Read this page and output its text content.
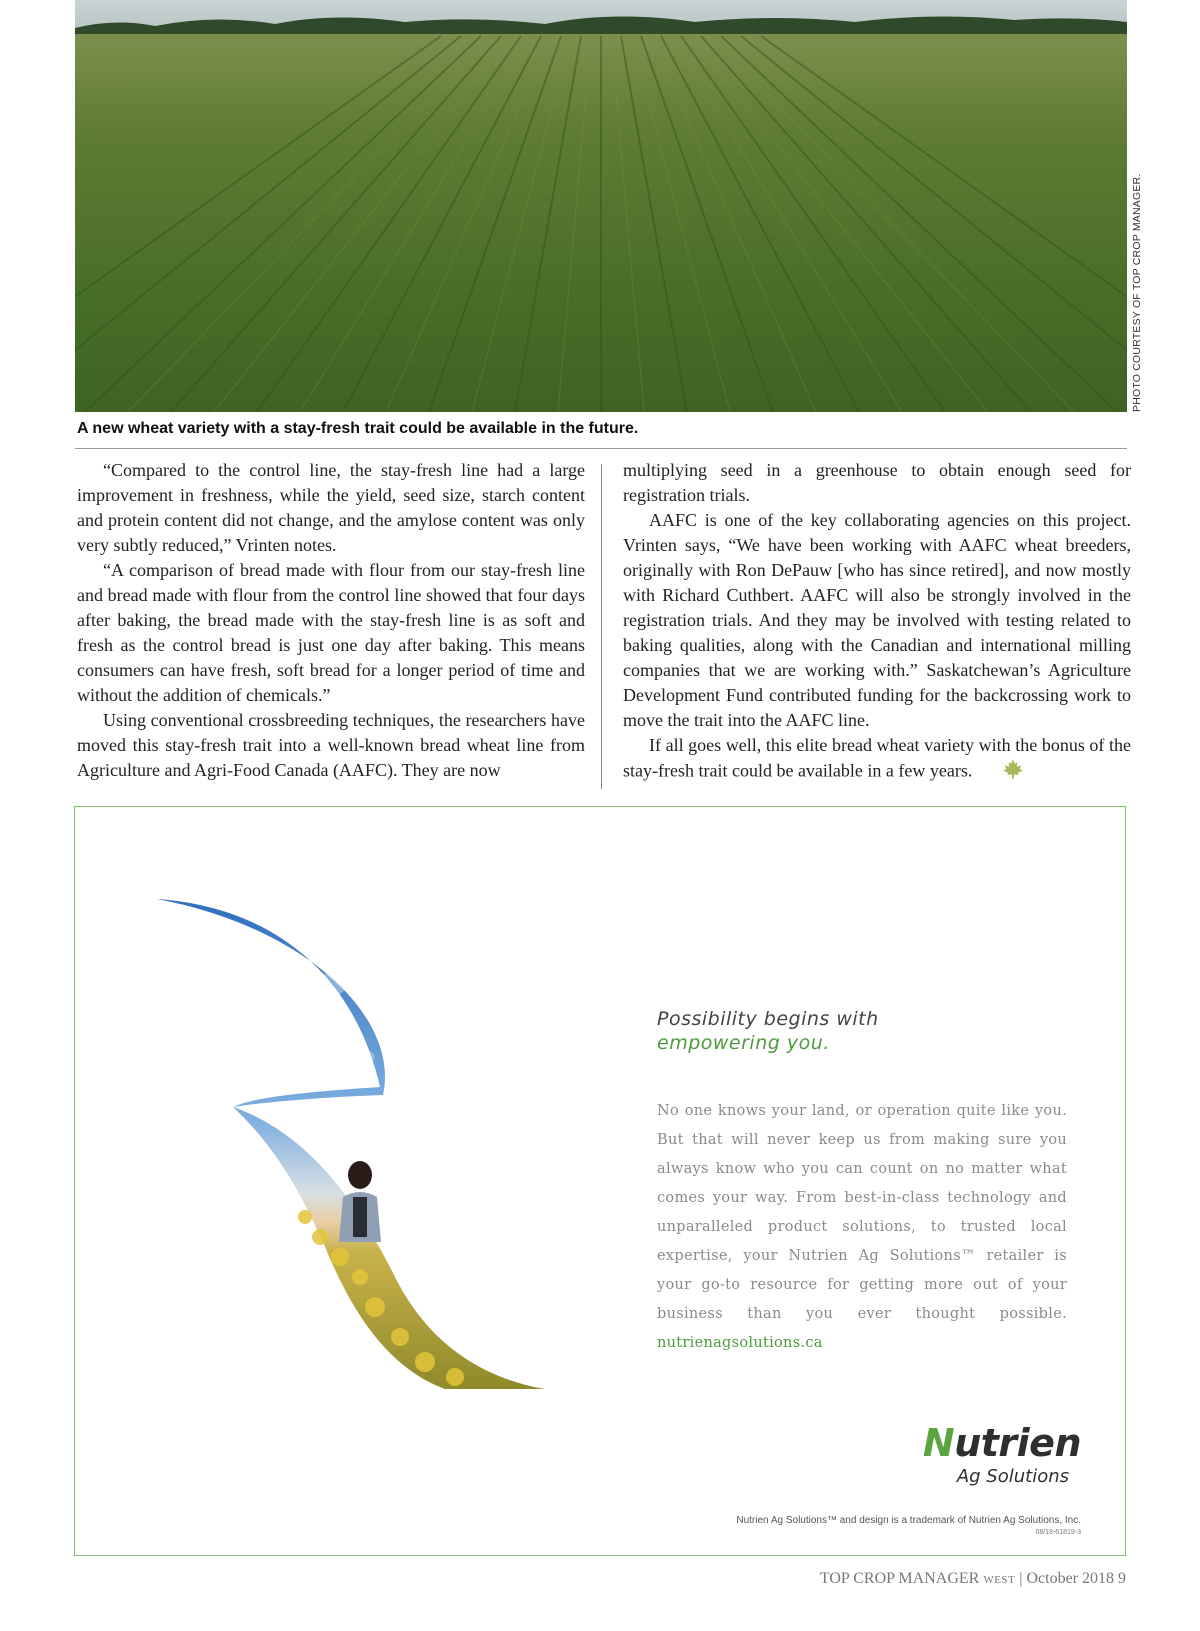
PHOTO COURTESY OF TOP CROP MANAGER.
A new wheat variety with a stay-fresh trait could be available in the future.

“Compared to the control line, the stay-fresh line had a large improvement in freshness, while the yield, seed size, starch content and protein content did not change, and the amylose content was only very subtly reduced,” Vrinten notes.

“A comparison of bread made with flour from our stay-fresh line and bread made with flour from the control line showed that four days after baking, the bread made with the stay-fresh line is as soft and fresh as the control bread is just one day after baking. This means consumers can have fresh, soft bread for a longer period of time and without the addition of chemicals.”

Using conventional crossbreeding techniques, the researchers have moved this stay-fresh trait into a well-known bread wheat line from Agriculture and Agri-Food Canada (AAFC). They are now

multiplying seed in a greenhouse to obtain enough seed for registration trials.

AAFC is one of the key collaborating agencies on this project. Vrinten says, “We have been working with AAFC wheat breeders, originally with Ron DePauw [who has since retired], and now mostly with Richard Cuthbert. AAFC will also be strongly involved in the registration trials. And they may be involved with testing related to baking qualities, along with the Canadian and international milling companies that we are working with.” Saskatchewan’s Agriculture Development Fund contributed funding for the backcrossing work to move the trait into the AAFC line.

If all goes well, this elite bread wheat variety with the bonus of the stay-fresh trait could be available in a few years.

Possibility begins with
empowering you.
No one knows your land, or operation quite like you. But that will never keep us from making sure you always know who you can count on no matter what comes your way. From best-in-class technology and unparalleled product solutions, to trusted local expertise, your Nutrien Ag Solutions™ retailer is your go-to resource for getting more out of your business than you ever thought possible. nutrienagsolutions.ca
Nutrien
Ag Solutions
Nutrien Ag Solutions™ and design is a trademark of Nutrien Ag Solutions, Inc.
08/18-61819-3
TOP CROP MANAGER WEST | October 2018 9
